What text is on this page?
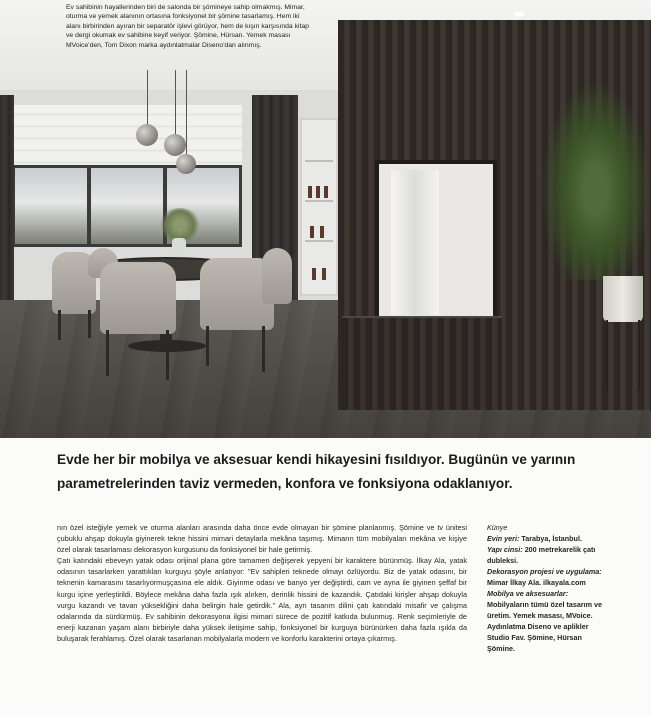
Ev sahibinin hayallerinden biri de salonda bir şömineye sahip olmakmış. Mimar, oturma ve yemek alanının ortasına fonksiyonel bir şömine tasarlamış. Hem iki alanı birbirinden ayıran bir separatör işlevi görüyor, hem de kışın karşısında kitap ve dergi okumak ev sahibine keyif veriyor. Şömine, Hürsan. Yemek masası MVoice'den, Tom Dixon marka aydınlatmalar Diseno'dan alınmış.

Evde her bir mobilya ve aksesuar kendi hikayesini fısıldıyor. Bugünün ve yarının parametrelerinden taviz vermeden, konfora ve fonksiyona odaklanıyor.

nın özel isteğiyle yemek ve oturma alanları arasında daha önce evde olmayan bir şömine planlanmış. Şömine ve tv ünitesi çubuklu ahşap dokuyla giyinerek tekne hissini mimari detaylarla mekâna taşımış. Mimarın tüm mobilyaları mekâna ve kişiye özel olarak tasarlaması dekorasyon kurgusunu da fonksiyonel bir hale getirmiş.

Çatı katındaki ebeveyn yatak odası orijinal plana göre tamamen değişerek yepyeni bir karaktere bürünmüş. İlkay Ala, yatak odasının tasarlarken yarattıkları kurguyu şöyle anlatıyor: "Ev sahipleri teknede olmayı özlüyordu. Biz de yatak odasını, bir teknenin kamarasını tasarlıyormuşçasına ele aldık. Giyinme odası ve banyo yer değiştirdi, cam ve ayna ile giyinen şeffaf bir kurgu içine yerleştirildi. Böylece mekâna daha fazla ışık alırken, derinlik hissini de kazandık. Çatıdaki kirişler ahşap dokuyla vurgu kazandı ve tavan yüksekliğini daha belirgin hale getirdik." Ala, ayrı tasarım dilini çatı katındaki misafir ve çalışma odalarında da sürdürmüş. Ev sahibinin dekorasyona ilgisi mimari sürece de pozitif katkıda bulunmuş. Renk seçimleriyle de enerji kazanan yaşam alanı birbiriyle daha yüksek iletişime sahip, fonksiyonel bir kurguya bürünürken daha fazla ışıkla da buluşarak ferahlamış. Özel olarak tasarlanan mobilyalarla modern ve konforlu karakterini ortaya çıkarmış.

Künye

Evin yeri: Tarabya, İstanbul.

Yapı cinsi: 200 metrekarelik çatı dubleksi.

Dekorasyon projesi ve uygulama:

Mimar İlkay Ala. ilkayala.com

Mobilya ve aksesuarlar:

Mobilyaların tümü özel tasarım ve üretim. Yemek masası, MVoice. Aydınlatma Diseno ve aplikler Studio Fav. Şömine, Hürsan Şömine.
